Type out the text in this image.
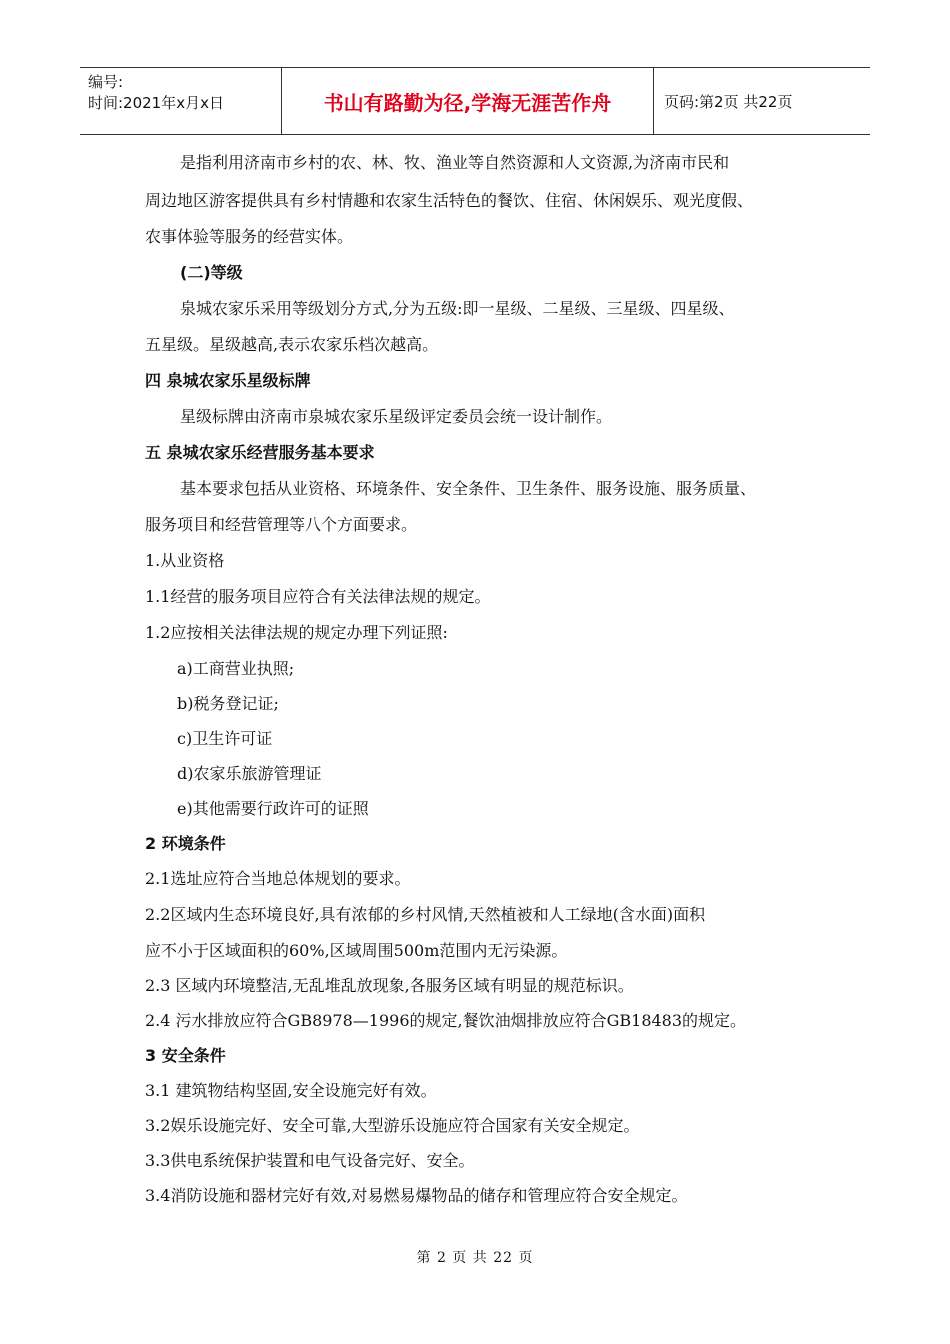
编号:
时间:2021年x月x日	书山有路勤为径,学海无涯苦作舟	页码:第2页 共22页
是指利用济南市乡村的农、林、牧、渔业等自然资源和人文资源,为济南市民和
周边地区游客提供具有乡村情趣和农家生活特色的餐饮、住宿、休闲娱乐、观光度假、
农事体验等服务的经营实体。
(二)等级
泉城农家乐采用等级划分方式,分为五级:即一星级、二星级、三星级、四星级、
五星级。星级越高,表示农家乐档次越高。
四 泉城农家乐星级标牌
星级标牌由济南市泉城农家乐星级评定委员会统一设计制作。
五 泉城农家乐经营服务基本要求
基本要求包括从业资格、环境条件、安全条件、卫生条件、服务设施、服务质量、
服务项目和经营管理等八个方面要求。
1.从业资格
1.1经营的服务项目应符合有关法律法规的规定。
1.2应按相关法律法规的规定办理下列证照:
a)工商营业执照;
b)税务登记证;
c)卫生许可证
d)农家乐旅游管理证
e)其他需要行政许可的证照
2 环境条件
2.1选址应符合当地总体规划的要求。
2.2区域内生态环境良好,具有浓郁的乡村风情,天然植被和人工绿地(含水面)面积
应不小于区域面积的60%,区域周围500m范围内无污染源。
2.3 区域内环境整洁,无乱堆乱放现象,各服务区域有明显的规范标识。
2.4 污水排放应符合GB8978—1996的规定,餐饮油烟排放应符合GB18483的规定。
3 安全条件
3.1 建筑物结构坚固,安全设施完好有效。
3.2娱乐设施完好、安全可靠,大型游乐设施应符合国家有关安全规定。
3.3供电系统保护装置和电气设备完好、安全。
3.4消防设施和器材完好有效,对易燃易爆物品的储存和管理应符合安全规定。
第 2 页 共 22 页
